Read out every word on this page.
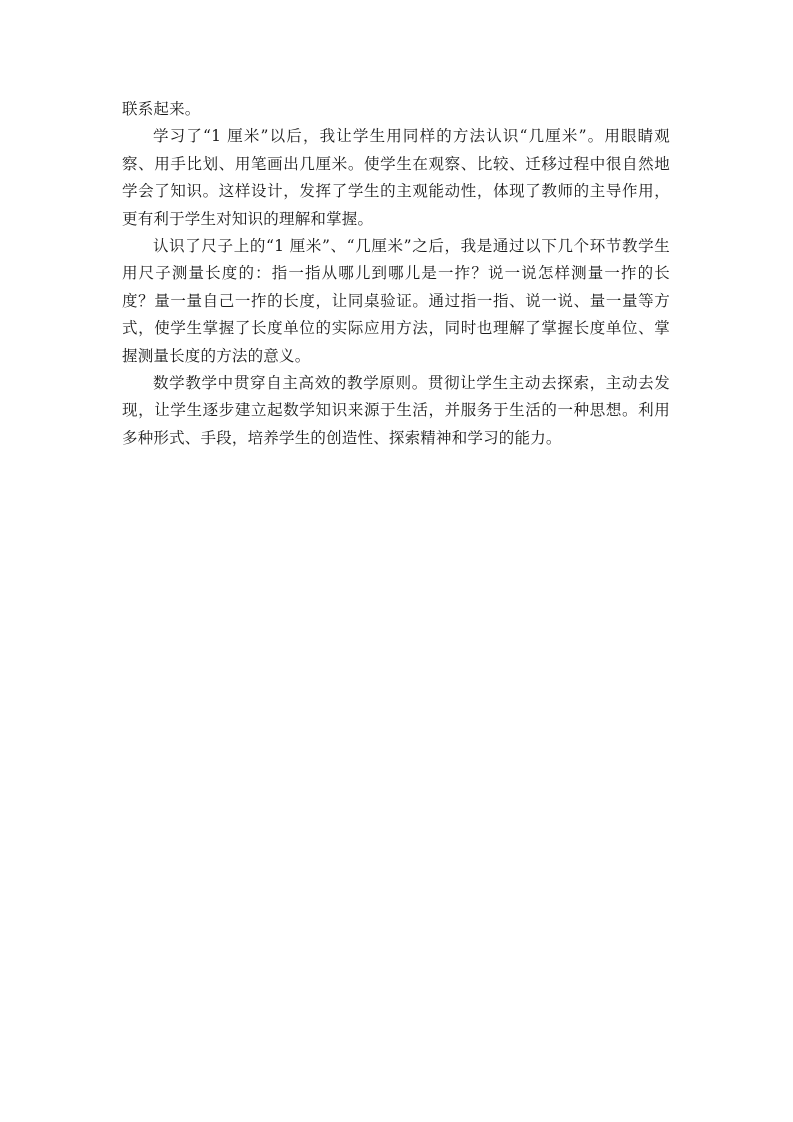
联系起来。

学习了“1 厘米”以后，我让学生用同样的方法认识“几厘米”。用眼睛观察、用手比划、用笔画出几厘米。使学生在观察、比较、迁移过程中很自然地学会了知识。这样设计，发挥了学生的主观能动性，体现了教师的主导作用，更有利于学生对知识的理解和掌握。

认识了尺子上的“1 厘米”、“几厘米”之后，我是通过以下几个环节教学生用尺子测量长度的：指一指从哪儿到哪儿是一拃？说一说怎样测量一拃的长度？量一量自己一拃的长度，让同桌验证。通过指一指、说一说、量一量等方式，使学生掌握了长度单位的实际应用方法，同时也理解了掌握长度单位、掌握测量长度的方法的意义。

数学教学中贯穿自主高效的教学原则。贯彻让学生主动去探索，主动去发现，让学生逐步建立起数学知识来源于生活，并服务于生活的一种思想。利用多种形式、手段，培养学生的创造性、探索精神和学习的能力。
